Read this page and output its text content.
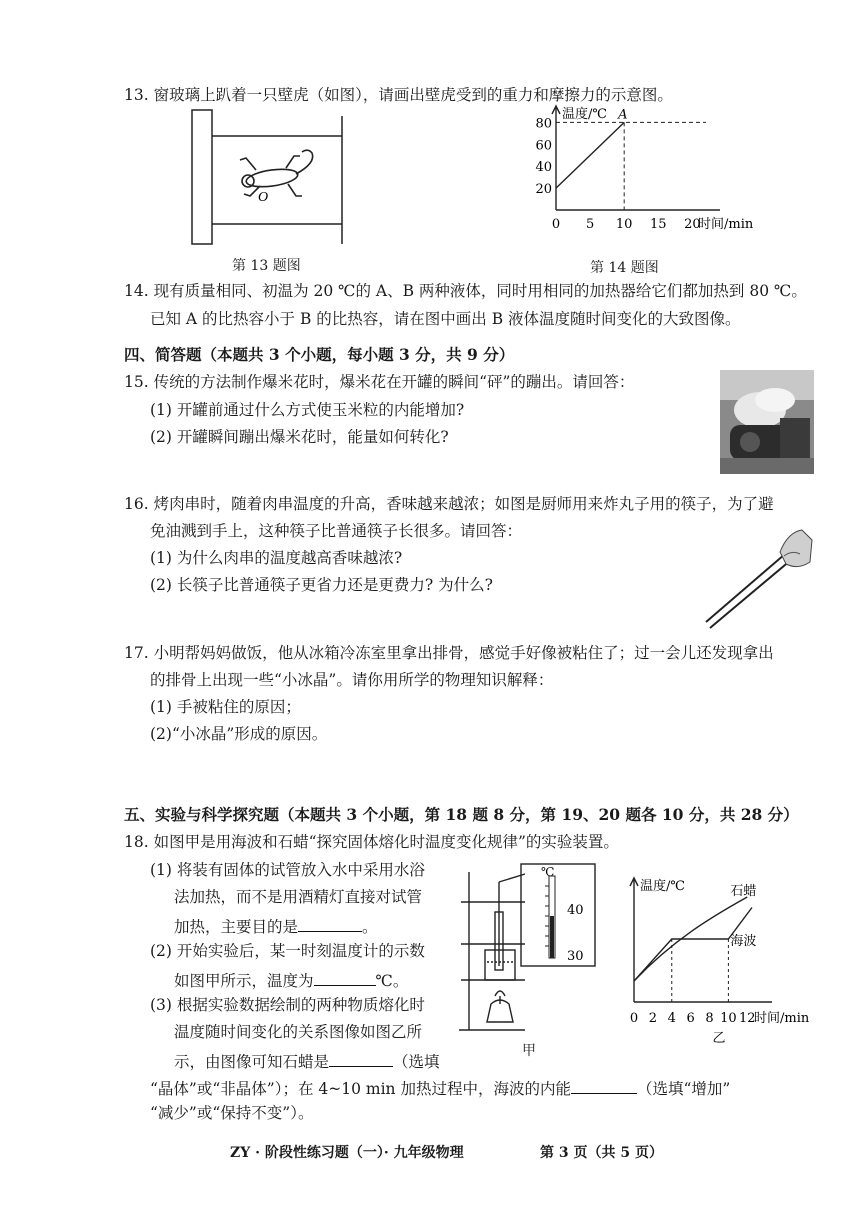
13. 窗玻璃上趴着一只壁虎（如图），请画出壁虎受到的重力和摩擦力的示意图。
O
第 13 题图
温度/℃
20
40
60
80
0 5 10 15 20
时间/min
A
第 14 题图
14. 现有质量相同、初温为 20 ℃的 A、B 两种液体，同时用相同的加热器给它们都加热到 80 ℃。
已知 A 的比热容小于 B 的比热容，请在图中画出 B 液体温度随时间变化的大致图像。
四、简答题（本题共 3 个小题，每小题 3 分，共 9 分）
15. 传统的方法制作爆米花时，爆米花在开罐的瞬间“砰”的蹦出。请回答：
(1) 开罐前通过什么方式使玉米粒的内能增加?
(2) 开罐瞬间蹦出爆米花时，能量如何转化?
16. 烤肉串时，随着肉串温度的升高，香味越来越浓；如图是厨师用来炸丸子用的筷子，为了避
免油溅到手上，这种筷子比普通筷子长很多。请回答：
(1) 为什么肉串的温度越高香味越浓?
(2) 长筷子比普通筷子更省力还是更费力? 为什么?
17. 小明帮妈妈做饭，他从冰箱冷冻室里拿出排骨，感觉手好像被粘住了；过一会儿还发现拿出
的排骨上出现一些“小冰晶”。请你用所学的物理知识解释：
(1) 手被粘住的原因；
(2)“小冰晶”形成的原因。
五、实验与科学探究题（本题共 3 个小题，第 18 题 8 分，第 19、20 题各 10 分，共 28 分）
18. 如图甲是用海波和石蜡“探究固体熔化时温度变化规律”的实验装置。
(1) 将装有固体的试管放入水中采用水浴
法加热，而不是用酒精灯直接对试管
加热，主要目的是	。
(2) 开始实验后，某一时刻温度计的示数
如图甲所示，温度为	℃。
(3) 根据实验数据绘制的两种物质熔化时
温度随时间变化的关系图像如图乙所
示，由图像可知石蜡是	（选填
“晶体”或“非晶体”）；在 4~10 min 加热过程中，海波的内能	（选填“增加”
“减少”或“保持不变”）。
℃
40
30
甲
温度/℃
0 2 4 6 8 10 12
时间/min
石蜡
海波
乙
ZY · 阶段性练习题（一）· 九年级物理	第 3 页（共 5 页）
